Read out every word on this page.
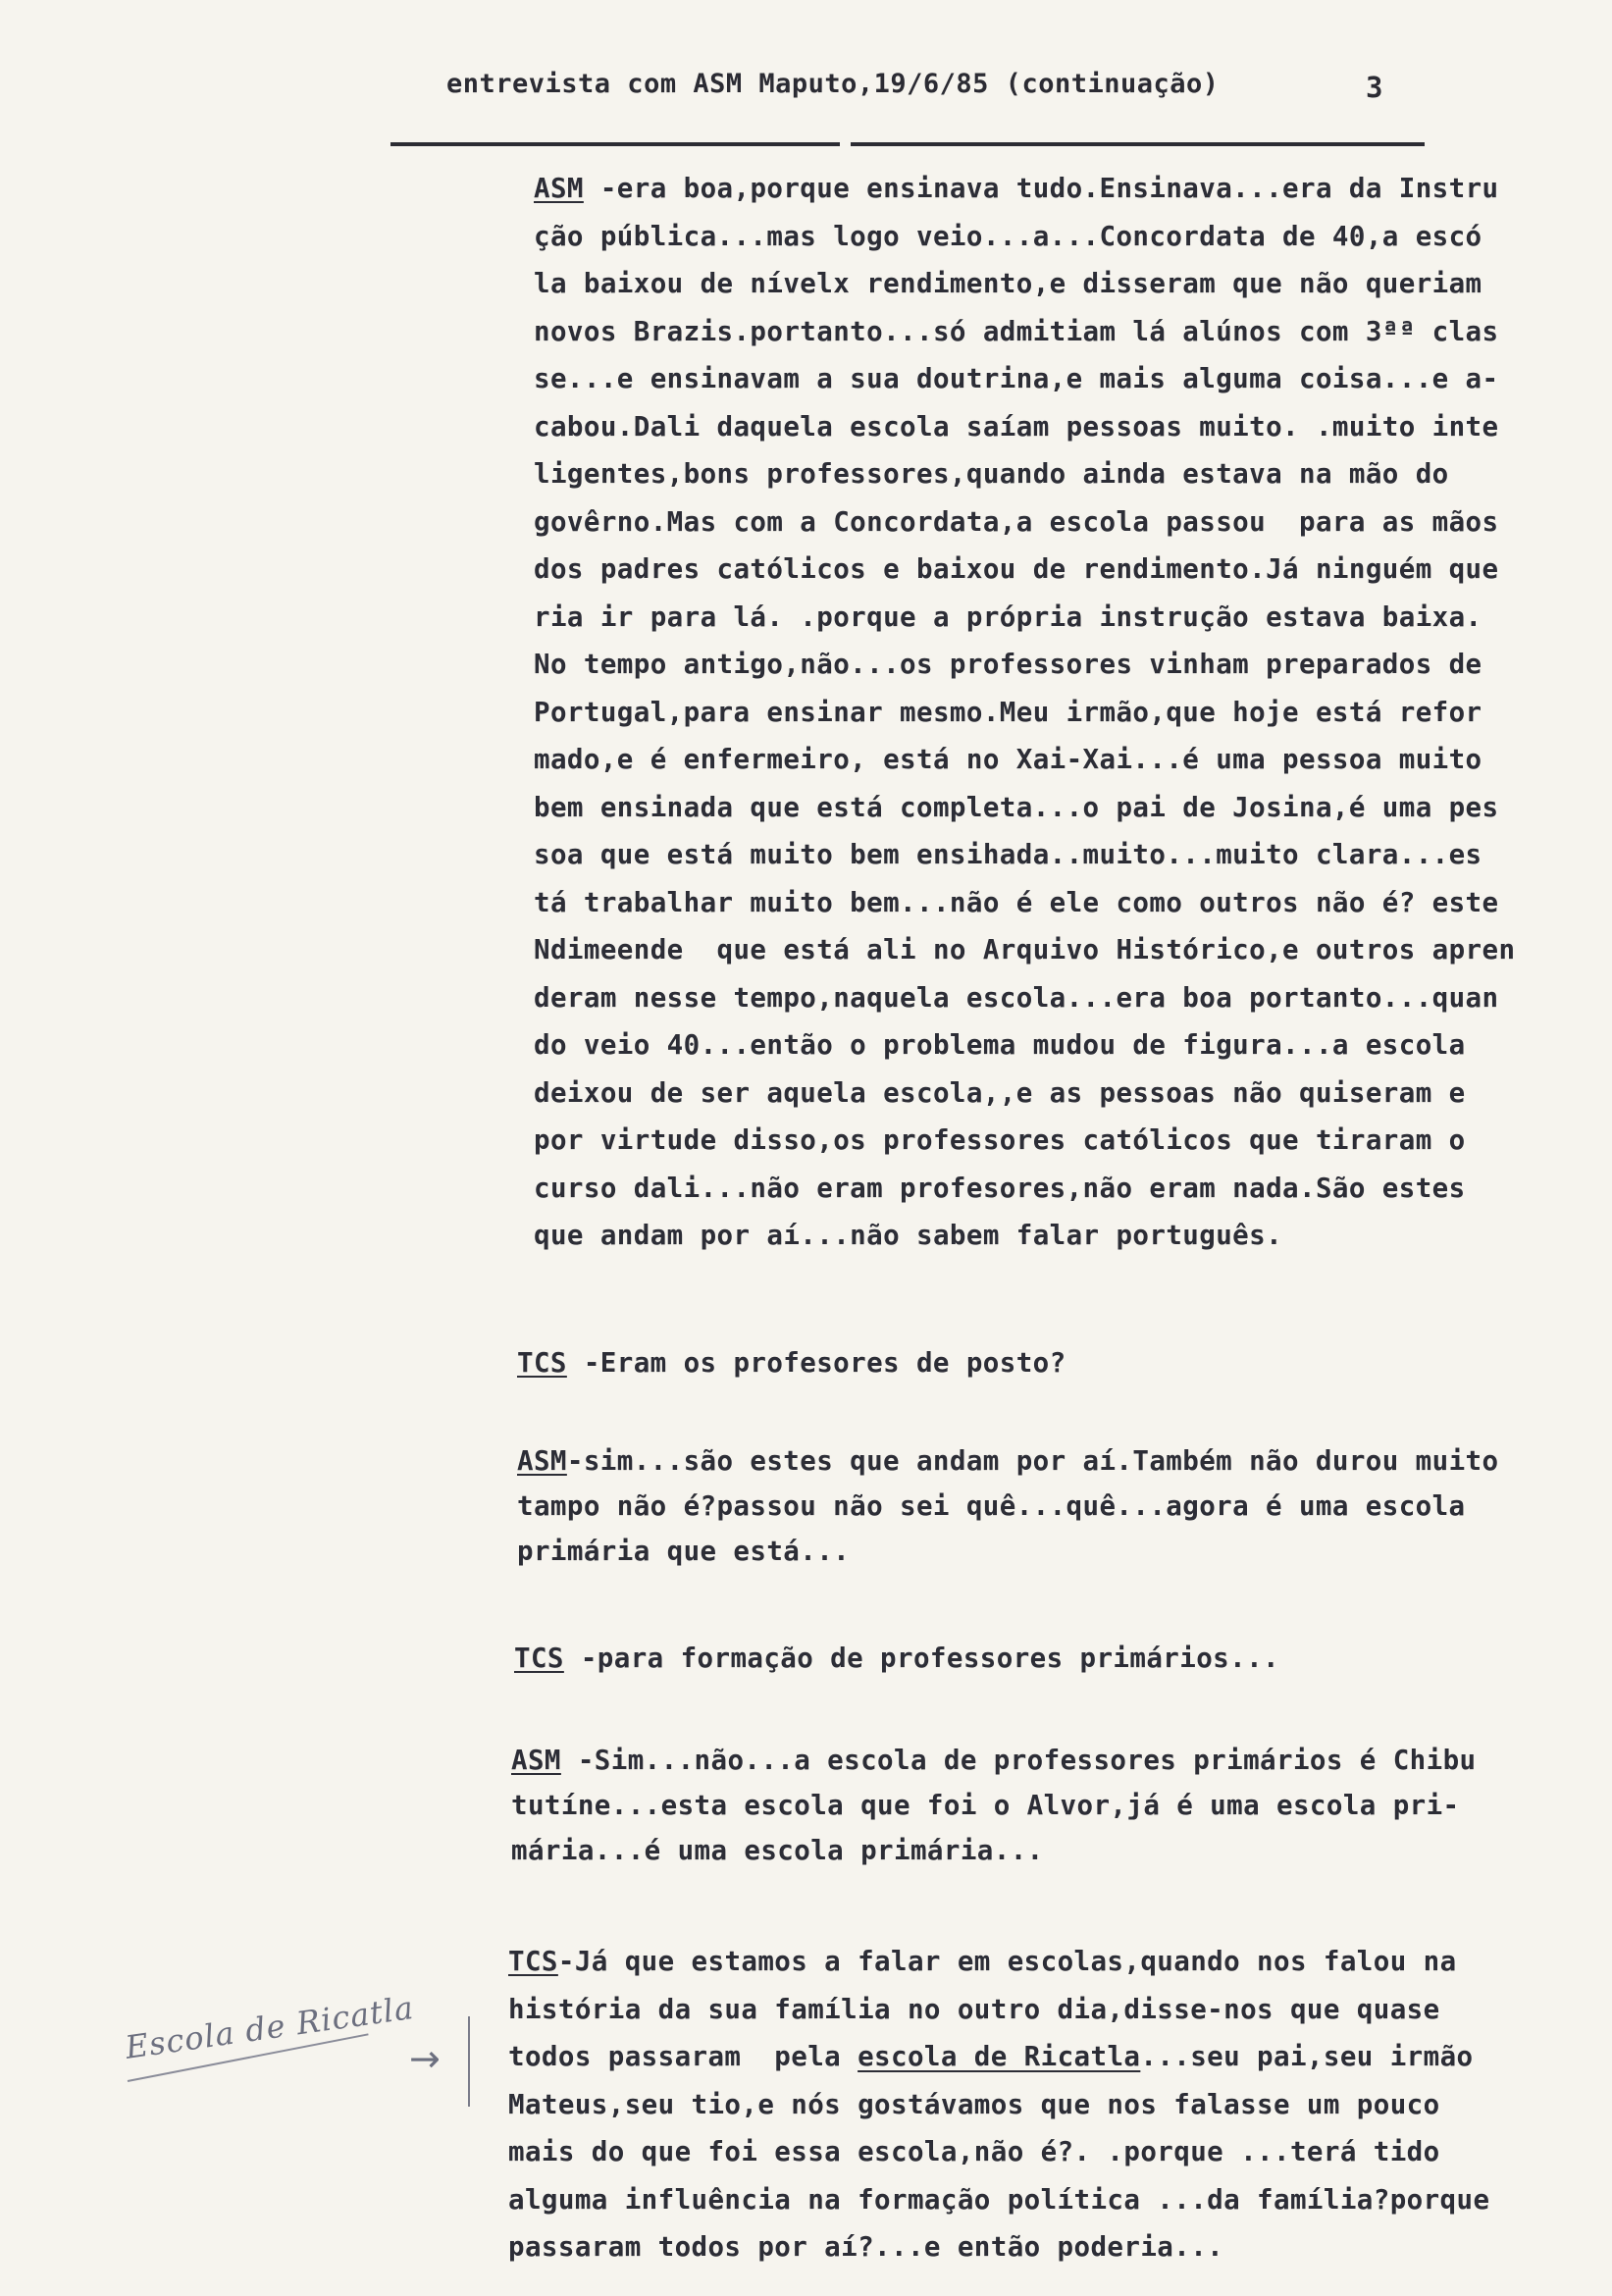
entrevista com ASM Maputo,19/6/85 (continuação)	3
ASM -era boa,porque ensinava tudo.Ensinava...era da Instru
ção pública...mas logo veio...a...Concordata de 40,a escó
la baixou de nívelx rendimento,e disseram que não queriam
novos Brazis.portanto...só admitiam lá alúnos com 3ªª clas
se...e ensinavam a sua doutrina,e mais alguma coisa...e a-
cabou.Dali daquela escola saíam pessoas muito. .muito inte
ligentes,bons professores,quando ainda estava na mão do
govêrno.Mas com a Concordata,a escola passou  para as mãos
dos padres católicos e baixou de rendimento.Já ninguém que
ria ir para lá. .porque a própria instrução estava baixa.
No tempo antigo,não...os professores vinham preparados de
Portugal,para ensinar mesmo.Meu irmão,que hoje está refor
mado,e é enfermeiro, está no Xai-Xai...é uma pessoa muito
bem ensinada que está completa...o pai de Josina,é uma pes
soa que está muito bem ensihada..muito...muito clara...es
tá trabalhar muito bem...não é ele como outros não é? este
Ndimeende  que está ali no Arquivo Histórico,e outros apren
deram nesse tempo,naquela escola...era boa portanto...quan
do veio 40...então o problema mudou de figura...a escola
deixou de ser aquela escola,,e as pessoas não quiseram e
por virtude disso,os professores católicos que tiraram o
curso dali...não eram profesores,não eram nada.São estes
que andam por aí...não sabem falar português.
TCS -Eram os profesores de posto?
ASM-sim...são estes que andam por aí.Também não durou muito
tampo não é?passou não sei quê...quê...agora é uma escola
primária que está...
TCS -para formação de professores primários...
ASM -Sim...não...a escola de professores primários é Chibu
tutíne...esta escola que foi o Alvor,já é uma escola pri-
mária...é uma escola primária...
TCS-Já que estamos a falar em escolas,quando nos falou na
história da sua família no outro dia,disse-nos que quase
todos passaram  pela escola de Ricatla...seu pai,seu irmão
Mateus,seu tio,e nós gostávamos que nos falasse um pouco
mais do que foi essa escola,não é?. .porque ...terá tido
alguma influência na formação política ...da família?porque
passaram todos por aí?...e então poderia...
Escola de Ricatla
→
